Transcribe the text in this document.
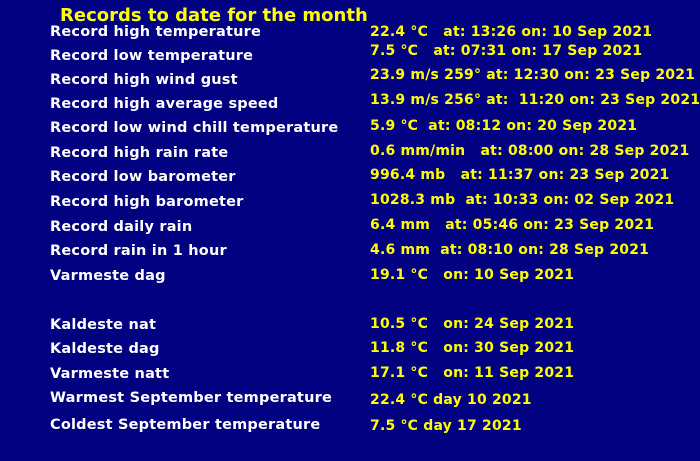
Records to date for the month
Record high temperature	22.4 °C   at: 13:26 on: 10 Sep 2021
Record low temperature	7.5 °C   at: 07:31 on: 17 Sep 2021
Record high wind gust	23.9 m/s 259° at: 12:30 on: 23 Sep 2021
Record high average speed	13.9 m/s 256° at:  11:20 on: 23 Sep 2021
Record low wind chill temperature 5.9 °C  at: 08:12 on: 20 Sep 2021
Record high rain rate	0.6 mm/min   at: 08:00 on: 28 Sep 2021
Record low barometer	996.4 mb   at: 11:37 on: 23 Sep 2021
Record high barometer	1028.3 mb  at: 10:33 on: 02 Sep 2021
Record daily rain	6.4 mm   at: 05:46 on: 23 Sep 2021
Record rain in 1 hour	4.6 mm  at: 08:10 on: 28 Sep 2021
Varmeste dag	19.1 °C   on: 10 Sep 2021
Kaldeste nat	10.5 °C   on: 24 Sep 2021
Kaldeste dag	11.8 °C   on: 30 Sep 2021
Varmeste natt	17.1 °C   on: 11 Sep 2021
Warmest September temperature	22.4 °C day 10 2021
Coldest September temperature	7.5 °C day 17 2021
